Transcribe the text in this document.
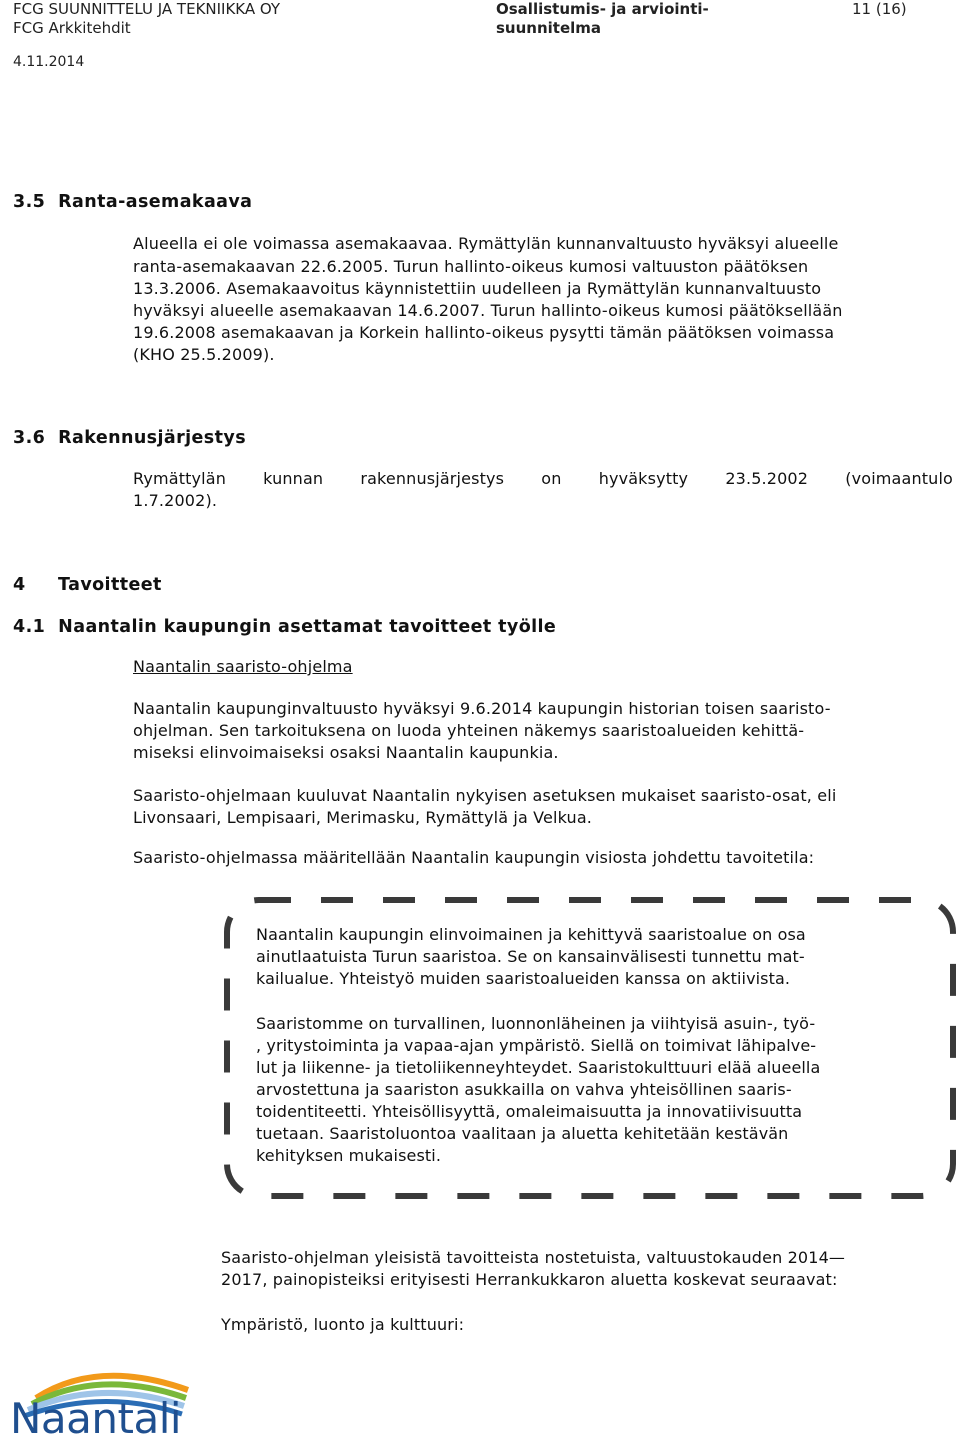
FCG SUUNNITTELU JA TEKNIIKKA OY
FCG Arkkitehdit
4.11.2014
Osallistumis- ja arviointi-
suunnitelma
11 (16)
3.5  Ranta-asemakaava
Alueella ei ole voimassa asemakaavaa. Rymättylän kunnanvaltuusto hyväksyi alueelle
ranta-asemakaavan 22.6.2005. Turun hallinto-oikeus kumosi valtuuston päätöksen
13.3.2006. Asemakaavoitus käynnistettiin uudelleen ja Rymättylän kunnanvaltuusto
hyväksyi alueelle asemakaavan 14.6.2007. Turun hallinto-oikeus kumosi päätöksellään
19.6.2008 asemakaavan ja Korkein hallinto-oikeus pysytti tämän päätöksen voimassa
(KHO 25.5.2009).
3.6  Rakennusjärjestys
Rymättylän kunnan rakennusjärjestys on hyväksytty 23.5.2002 (voimaantulo
1.7.2002).
4     Tavoitteet
4.1  Naantalin kaupungin asettamat tavoitteet työlle
Naantalin saaristo-ohjelma
Naantalin kaupunginvaltuusto hyväksyi 9.6.2014 kaupungin historian toisen saaristo-
ohjelman. Sen tarkoituksena on luoda yhteinen näkemys saaristoalueiden kehittä-
miseksi elinvoimaiseksi osaksi Naantalin kaupunkia.
Saaristo-ohjelmaan kuuluvat Naantalin nykyisen asetuksen mukaiset saaristo-osat, eli
Livonsaari, Lempisaari, Merimasku, Rymättylä ja Velkua.
Saaristo-ohjelmassa määritellään Naantalin kaupungin visiosta johdettu tavoitetila:
Naantalin kaupungin elinvoimainen ja kehittyvä saaristoalue on osa
ainutlaatuista Turun saaristoa. Se on kansainvälisesti tunnettu mat-
kailualue. Yhteistyö muiden saaristoalueiden kanssa on aktiivista.
Saaristomme on turvallinen, luonnonläheinen ja viihtyisä asuin-, työ-
, yritystoiminta ja vapaa-ajan ympäristö. Siellä on toimivat lähipalve-
lut ja liikenne- ja tietoliikenneyhteydet. Saaristokulttuuri elää alueella
arvostettuna ja saariston asukkailla on vahva yhteisöllinen saaris-
toidentiteetti. Yhteisöllisyyttä, omaleimaisuutta ja innovatiivisuutta
tuetaan. Saaristoluontoa vaalitaan ja aluetta kehitetään kestävän
kehityksen mukaisesti.
Saaristo-ohjelman yleisistä tavoitteista nostetuista, valtuustokauden 2014—
2017, painopisteiksi erityisesti Herrankukkaron aluetta koskevat seuraavat:
Ympäristö, luonto ja kulttuuri:
Naantali
